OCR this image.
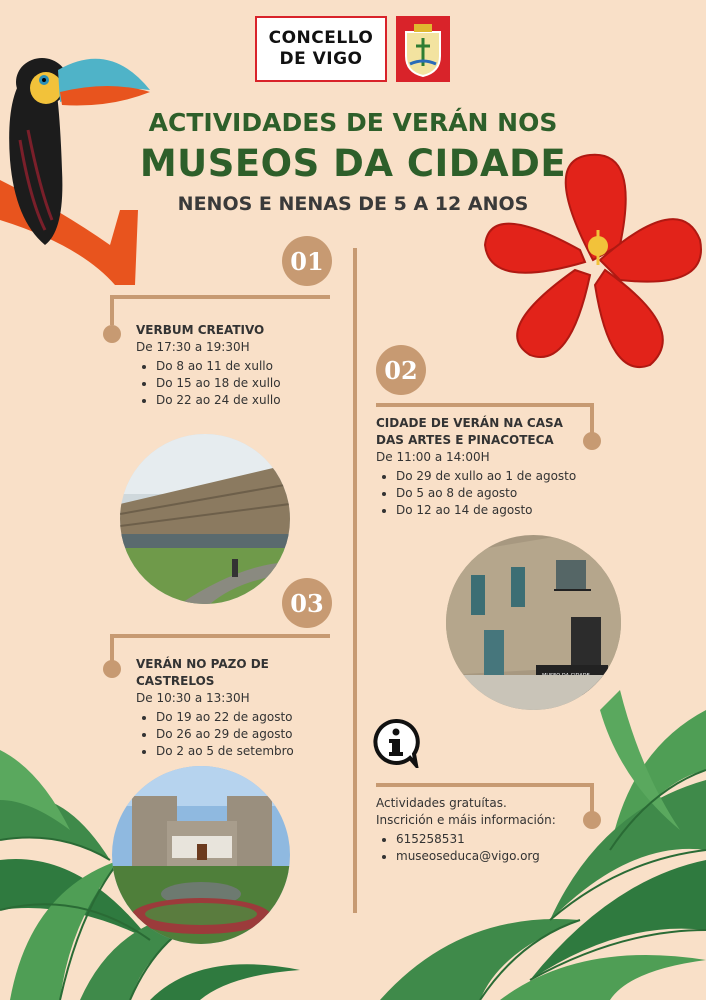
CONCELLO
DE VIGO
ACTIVIDADES DE VERÁN NOS
MUSEOS DA CIDADE
NENOS E NENAS DE 5 A 12 ANOS
01
VERBUM CREATIVO
De 17:30 a 19:30H
• Do 8 ao 11 de xullo
• Do 15 ao 18 de xullo
• Do 22 ao 24 de xullo
02
CIDADE DE VERÁN NA CASA DAS ARTES E PINACOTECA
De 11:00 a 14:00H
• Do 29 de xullo ao 1 de agosto
• Do 5 ao 8 de agosto
• Do 12 ao 14 de agosto
03
VERÁN NO PAZO DE CASTRELOS
De 10:30 a 13:30H
• Do 19 ao 22 de agosto
• Do 26 ao 29 de agosto
• Do 2 ao 5 de setembro
Actividades gratuítas.
Inscrición e máis información:
• 615258531
• museoseduca@vigo.org
